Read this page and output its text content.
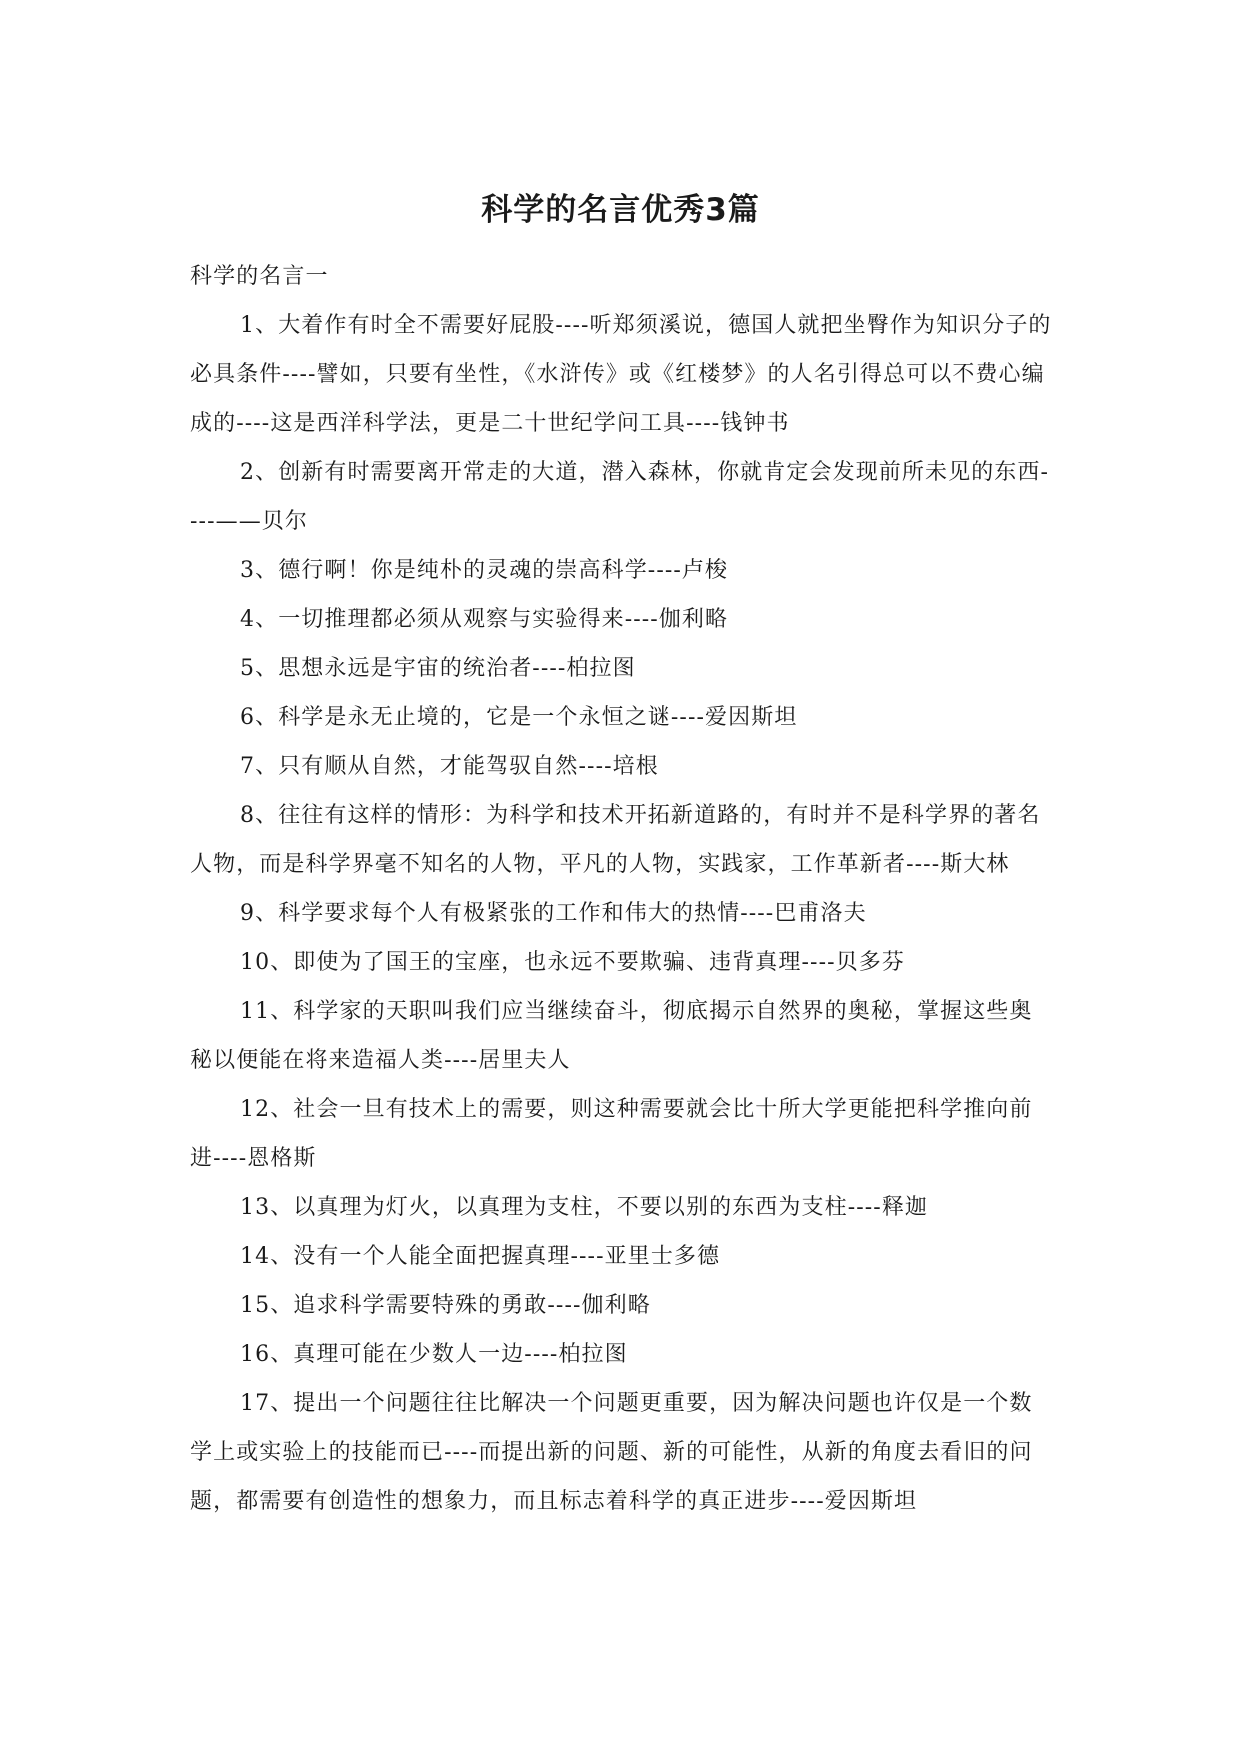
科学的名言优秀3篇

科学的名言一

1、大着作有时全不需要好屁股----听郑须溪说，德国人就把坐臀作为知识分子的必具条件----譬如，只要有坐性，《水浒传》或《红楼梦》的人名引得总可以不费心编成的----这是西洋科学法，更是二十世纪学问工具----钱钟书

2、创新有时需要离开常走的大道，潜入森林，你就肯定会发现前所未见的东西----——贝尔

3、德行啊！你是纯朴的灵魂的崇高科学----卢梭

4、一切推理都必须从观察与实验得来----伽利略

5、思想永远是宇宙的统治者----柏拉图

6、科学是永无止境的，它是一个永恒之谜----爱因斯坦

7、只有顺从自然，才能驾驭自然----培根

8、往往有这样的情形：为科学和技术开拓新道路的，有时并不是科学界的著名人物，而是科学界毫不知名的人物，平凡的人物，实践家，工作革新者----斯大林

9、科学要求每个人有极紧张的工作和伟大的热情----巴甫洛夫

10、即使为了国王的宝座，也永远不要欺骗、违背真理----贝多芬

11、科学家的天职叫我们应当继续奋斗，彻底揭示自然界的奥秘，掌握这些奥秘以便能在将来造福人类----居里夫人

12、社会一旦有技术上的需要，则这种需要就会比十所大学更能把科学推向前进----恩格斯

13、以真理为灯火，以真理为支柱，不要以别的东西为支柱----释迦

14、没有一个人能全面把握真理----亚里士多德

15、追求科学需要特殊的勇敢----伽利略

16、真理可能在少数人一边----柏拉图

17、提出一个问题往往比解决一个问题更重要，因为解决问题也许仅是一个数学上或实验上的技能而已----而提出新的问题、新的可能性，从新的角度去看旧的问题，都需要有创造性的想象力，而且标志着科学的真正进步----爱因斯坦
